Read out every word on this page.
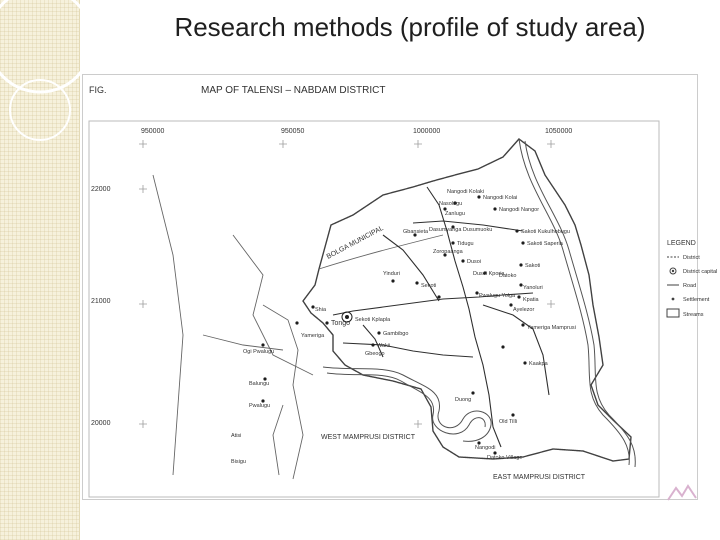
Research methods (profile of study area)
FIG.	MAP OF TALENSI – NABDAM DISTRICT
950000	950050	1000000	1050000
22000
21000
20000
BOLGA MUNICIPAL
WEST MAMPRUSI DISTRICT
EAST MAMPRUSI DISTRICT
Nangodi Kolaki
Nangodi Kolai
Nangodi Nangor
Nasolugu
Zanlugu
Dasumyanga Dusumuoku	Sakoti Kukulhobugu
Gbansieta
Tidugu	Sakoti Saperia
Zoropaanga
Dusoi
Sakoti
Dusoi Kporia
Datoko
Yinduri
Sekoti
Pwalugu Yolga
Yanoluri
Kpatia
Ayelezor
Shia
Tongo Sekoti Kplapla
Gambibgo
Yameriga
Gbeogo
Wakii
Ogi Pwalugu
Balungu
Pwalugu
Atisi
Bisigu
Yameriga Mamprusi
Duong
Old Tilli
Nangodi
Datoko Village
Kaakpa
LEGEND
District
District capital
Road
Settlement
Streams
